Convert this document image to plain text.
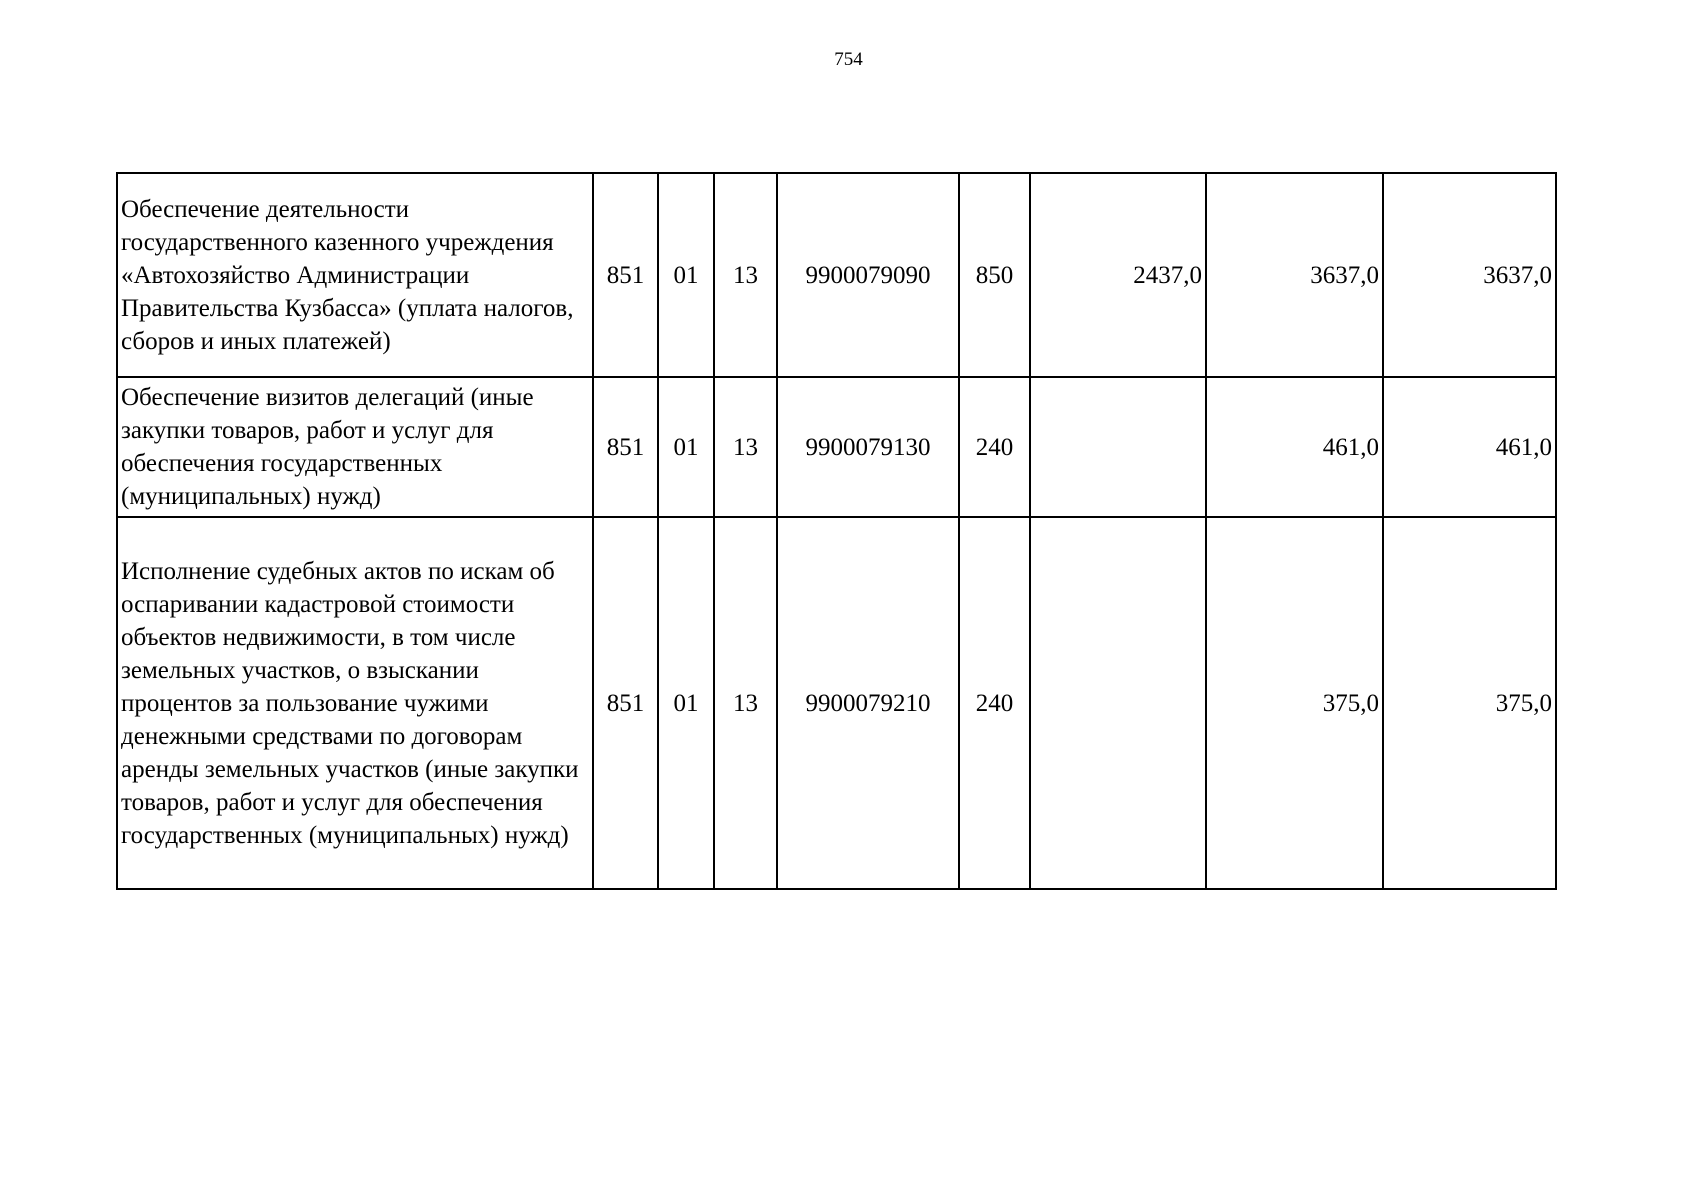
754
Обеспечение деятельности государственного казенного учреждения «Автохозяйство Администрации Правительства Кузбасса» (уплата налогов, сборов и иных платежей)	851	01	13	9900079090	850	2437,0	3637,0	3637,0
Обеспечение визитов делегаций (иные закупки товаров, работ и услуг для обеспечения государственных (муниципальных) нужд)	851	01	13	9900079130	240		461,0	461,0
Исполнение судебных актов по искам об оспаривании кадастровой стоимости объектов недвижимости, в том числе земельных участков, о взыскании процентов за пользование чужими денежными средствами по договорам аренды земельных участков (иные закупки товаров, работ и услуг для обеспечения государственных (муниципальных) нужд)	851	01	13	9900079210	240		375,0	375,0
